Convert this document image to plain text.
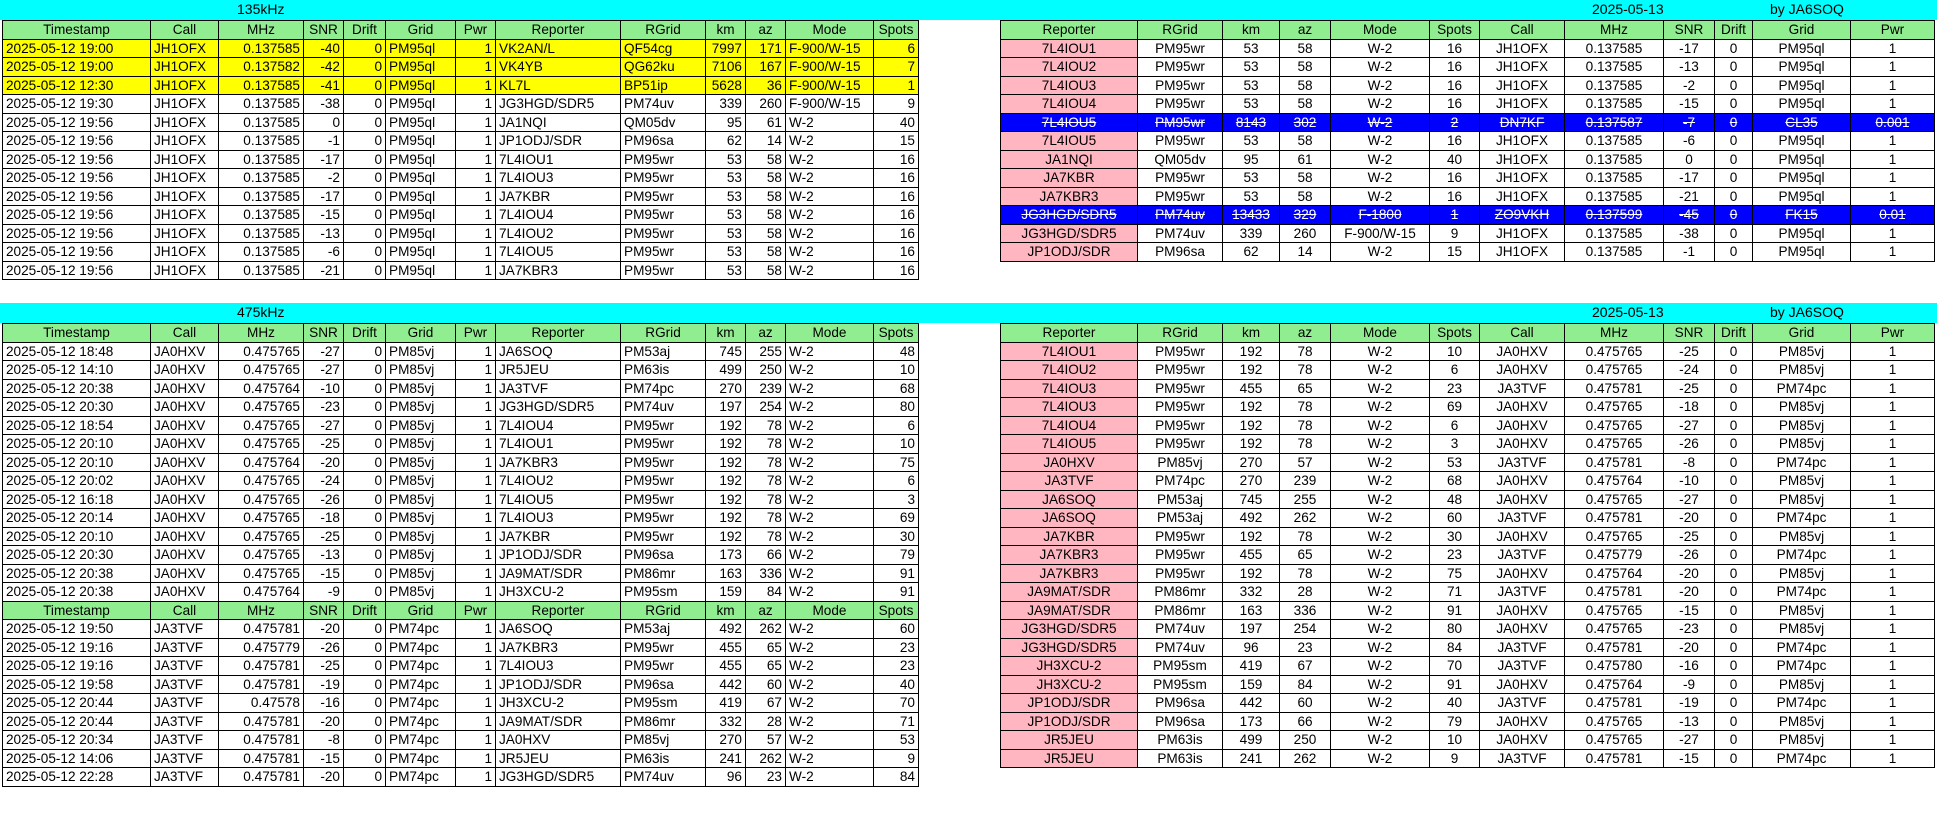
135kHz	2025-05-13	by JA6SOQ
475kHz	2025-05-13	by JA6SOQ
Timestamp	Call	MHz	SNR	Drift	Grid	Pwr	Reporter	RGrid	km	az	Mode	Spots
2025-05-12 19:00	JH1OFX	0.137585	-40	0	PM95ql	1	VK2AN/L	QF54cg	7997	171	F-900/W-15	6
2025-05-12 19:00	JH1OFX	0.137582	-42	0	PM95ql	1	VK4YB	QG62ku	7106	167	F-900/W-15	7
2025-05-12 12:30	JH1OFX	0.137585	-41	0	PM95ql	1	KL7L	BP51ip	5628	36	F-900/W-15	1
2025-05-12 19:30	JH1OFX	0.137585	-38	0	PM95ql	1	JG3HGD/SDR5	PM74uv	339	260	F-900/W-15	9
2025-05-12 19:56	JH1OFX	0.137585	0	0	PM95ql	1	JA1NQI	QM05dv	95	61	W-2	40
2025-05-12 19:56	JH1OFX	0.137585	-1	0	PM95ql	1	JP1ODJ/SDR	PM96sa	62	14	W-2	15
2025-05-12 19:56	JH1OFX	0.137585	-17	0	PM95ql	1	7L4IOU1	PM95wr	53	58	W-2	16
2025-05-12 19:56	JH1OFX	0.137585	-2	0	PM95ql	1	7L4IOU3	PM95wr	53	58	W-2	16
2025-05-12 19:56	JH1OFX	0.137585	-17	0	PM95ql	1	JA7KBR	PM95wr	53	58	W-2	16
2025-05-12 19:56	JH1OFX	0.137585	-15	0	PM95ql	1	7L4IOU4	PM95wr	53	58	W-2	16
2025-05-12 19:56	JH1OFX	0.137585	-13	0	PM95ql	1	7L4IOU2	PM95wr	53	58	W-2	16
2025-05-12 19:56	JH1OFX	0.137585	-6	0	PM95ql	1	7L4IOU5	PM95wr	53	58	W-2	16
2025-05-12 19:56	JH1OFX	0.137585	-21	0	PM95ql	1	JA7KBR3	PM95wr	53	58	W-2	16
Reporter	RGrid	km	az	Mode	Spots	Call	MHz	SNR	Drift	Grid	Pwr
7L4IOU1	PM95wr	53	58	W-2	16	JH1OFX	0.137585	-17	0	PM95ql	1
7L4IOU2	PM95wr	53	58	W-2	16	JH1OFX	0.137585	-13	0	PM95ql	1
7L4IOU3	PM95wr	53	58	W-2	16	JH1OFX	0.137585	-2	0	PM95ql	1
7L4IOU4	PM95wr	53	58	W-2	16	JH1OFX	0.137585	-15	0	PM95ql	1
7L4IOU5	PM95wr	8143	302	W-2	2	DN7KF	0.137587	-7	0	CL35	0.001
7L4IOU5	PM95wr	53	58	W-2	16	JH1OFX	0.137585	-6	0	PM95ql	1
JA1NQI	QM05dv	95	61	W-2	40	JH1OFX	0.137585	0	0	PM95ql	1
JA7KBR	PM95wr	53	58	W-2	16	JH1OFX	0.137585	-17	0	PM95ql	1
JA7KBR3	PM95wr	53	58	W-2	16	JH1OFX	0.137585	-21	0	PM95ql	1
JG3HGD/SDR5	PM74uv	13433	329	F-1800	1	ZO9VKH	0.137599	-45	0	FK15	0.01
JG3HGD/SDR5	PM74uv	339	260	F-900/W-15	9	JH1OFX	0.137585	-38	0	PM95ql	1
JP1ODJ/SDR	PM96sa	62	14	W-2	15	JH1OFX	0.137585	-1	0	PM95ql	1
Timestamp	Call	MHz	SNR	Drift	Grid	Pwr	Reporter	RGrid	km	az	Mode	Spots
2025-05-12 18:48	JA0HXV	0.475765	-27	0	PM85vj	1	JA6SOQ	PM53aj	745	255	W-2	48
2025-05-12 14:10	JA0HXV	0.475765	-27	0	PM85vj	1	JR5JEU	PM63is	499	250	W-2	10
2025-05-12 20:38	JA0HXV	0.475764	-10	0	PM85vj	1	JA3TVF	PM74pc	270	239	W-2	68
2025-05-12 20:30	JA0HXV	0.475765	-23	0	PM85vj	1	JG3HGD/SDR5	PM74uv	197	254	W-2	80
2025-05-12 18:54	JA0HXV	0.475765	-27	0	PM85vj	1	7L4IOU4	PM95wr	192	78	W-2	6
2025-05-12 20:10	JA0HXV	0.475765	-25	0	PM85vj	1	7L4IOU1	PM95wr	192	78	W-2	10
2025-05-12 20:10	JA0HXV	0.475764	-20	0	PM85vj	1	JA7KBR3	PM95wr	192	78	W-2	75
2025-05-12 20:02	JA0HXV	0.475765	-24	0	PM85vj	1	7L4IOU2	PM95wr	192	78	W-2	6
2025-05-12 16:18	JA0HXV	0.475765	-26	0	PM85vj	1	7L4IOU5	PM95wr	192	78	W-2	3
2025-05-12 20:14	JA0HXV	0.475765	-18	0	PM85vj	1	7L4IOU3	PM95wr	192	78	W-2	69
2025-05-12 20:10	JA0HXV	0.475765	-25	0	PM85vj	1	JA7KBR	PM95wr	192	78	W-2	30
2025-05-12 20:30	JA0HXV	0.475765	-13	0	PM85vj	1	JP1ODJ/SDR	PM96sa	173	66	W-2	79
2025-05-12 20:38	JA0HXV	0.475765	-15	0	PM85vj	1	JA9MAT/SDR	PM86mr	163	336	W-2	91
2025-05-12 20:38	JA0HXV	0.475764	-9	0	PM85vj	1	JH3XCU-2	PM95sm	159	84	W-2	91
Timestamp	Call	MHz	SNR	Drift	Grid	Pwr	Reporter	RGrid	km	az	Mode	Spots
2025-05-12 19:50	JA3TVF	0.475781	-20	0	PM74pc	1	JA6SOQ	PM53aj	492	262	W-2	60
2025-05-12 19:16	JA3TVF	0.475779	-26	0	PM74pc	1	JA7KBR3	PM95wr	455	65	W-2	23
2025-05-12 19:16	JA3TVF	0.475781	-25	0	PM74pc	1	7L4IOU3	PM95wr	455	65	W-2	23
2025-05-12 19:58	JA3TVF	0.475781	-19	0	PM74pc	1	JP1ODJ/SDR	PM96sa	442	60	W-2	40
2025-05-12 20:44	JA3TVF	0.47578	-16	0	PM74pc	1	JH3XCU-2	PM95sm	419	67	W-2	70
2025-05-12 20:44	JA3TVF	0.475781	-20	0	PM74pc	1	JA9MAT/SDR	PM86mr	332	28	W-2	71
2025-05-12 20:34	JA3TVF	0.475781	-8	0	PM74pc	1	JA0HXV	PM85vj	270	57	W-2	53
2025-05-12 14:06	JA3TVF	0.475781	-15	0	PM74pc	1	JR5JEU	PM63is	241	262	W-2	9
2025-05-12 22:28	JA3TVF	0.475781	-20	0	PM74pc	1	JG3HGD/SDR5	PM74uv	96	23	W-2	84
Reporter	RGrid	km	az	Mode	Spots	Call	MHz	SNR	Drift	Grid	Pwr
7L4IOU1	PM95wr	192	78	W-2	10	JA0HXV	0.475765	-25	0	PM85vj	1
7L4IOU2	PM95wr	192	78	W-2	6	JA0HXV	0.475765	-24	0	PM85vj	1
7L4IOU3	PM95wr	455	65	W-2	23	JA3TVF	0.475781	-25	0	PM74pc	1
7L4IOU3	PM95wr	192	78	W-2	69	JA0HXV	0.475765	-18	0	PM85vj	1
7L4IOU4	PM95wr	192	78	W-2	6	JA0HXV	0.475765	-27	0	PM85vj	1
7L4IOU5	PM95wr	192	78	W-2	3	JA0HXV	0.475765	-26	0	PM85vj	1
JA0HXV	PM85vj	270	57	W-2	53	JA3TVF	0.475781	-8	0	PM74pc	1
JA3TVF	PM74pc	270	239	W-2	68	JA0HXV	0.475764	-10	0	PM85vj	1
JA6SOQ	PM53aj	745	255	W-2	48	JA0HXV	0.475765	-27	0	PM85vj	1
JA6SOQ	PM53aj	492	262	W-2	60	JA3TVF	0.475781	-20	0	PM74pc	1
JA7KBR	PM95wr	192	78	W-2	30	JA0HXV	0.475765	-25	0	PM85vj	1
JA7KBR3	PM95wr	455	65	W-2	23	JA3TVF	0.475779	-26	0	PM74pc	1
JA7KBR3	PM95wr	192	78	W-2	75	JA0HXV	0.475764	-20	0	PM85vj	1
JA9MAT/SDR	PM86mr	332	28	W-2	71	JA3TVF	0.475781	-20	0	PM74pc	1
JA9MAT/SDR	PM86mr	163	336	W-2	91	JA0HXV	0.475765	-15	0	PM85vj	1
JG3HGD/SDR5	PM74uv	197	254	W-2	80	JA0HXV	0.475765	-23	0	PM85vj	1
JG3HGD/SDR5	PM74uv	96	23	W-2	84	JA3TVF	0.475781	-20	0	PM74pc	1
JH3XCU-2	PM95sm	419	67	W-2	70	JA3TVF	0.475780	-16	0	PM74pc	1
JH3XCU-2	PM95sm	159	84	W-2	91	JA0HXV	0.475764	-9	0	PM85vj	1
JP1ODJ/SDR	PM96sa	442	60	W-2	40	JA3TVF	0.475781	-19	0	PM74pc	1
JP1ODJ/SDR	PM96sa	173	66	W-2	79	JA0HXV	0.475765	-13	0	PM85vj	1
JR5JEU	PM63is	499	250	W-2	10	JA0HXV	0.475765	-27	0	PM85vj	1
JR5JEU	PM63is	241	262	W-2	9	JA3TVF	0.475781	-15	0	PM74pc	1
